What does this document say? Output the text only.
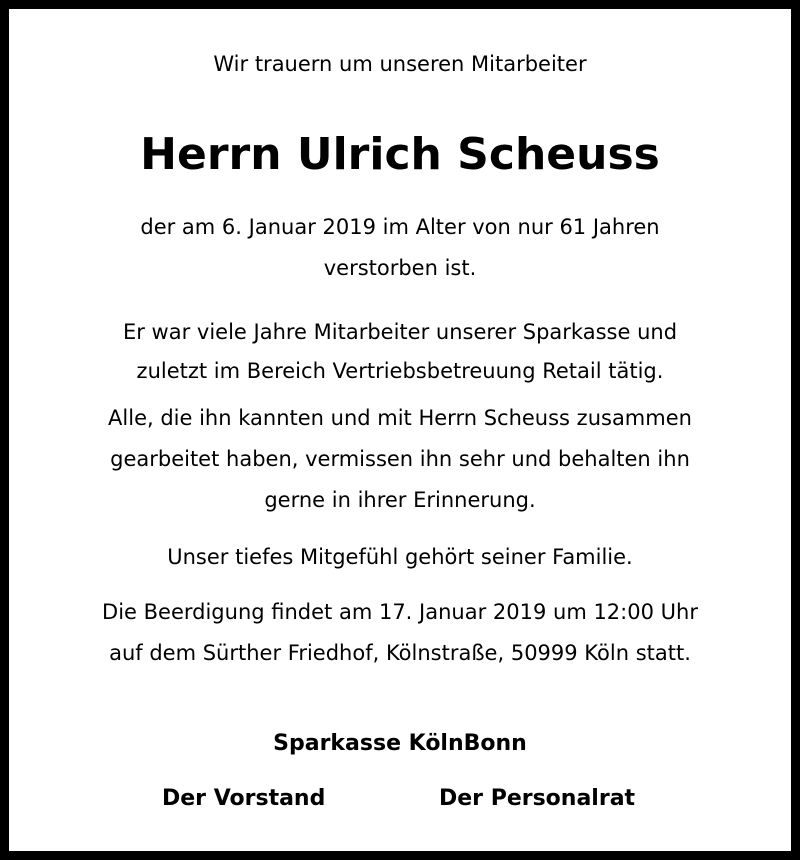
Wir trauern um unseren Mitarbeiter
Herrn Ulrich Scheuss
der am 6. Januar 2019 im Alter von nur 61 Jahren
verstorben ist.
Er war viele Jahre Mitarbeiter unserer Sparkasse und
zuletzt im Bereich Vertriebsbetreuung Retail tätig.
Alle, die ihn kannten und mit Herrn Scheuss zusammen
gearbeitet haben, vermissen ihn sehr und behalten ihn
gerne in ihrer Erinnerung.
Unser tiefes Mitgefühl gehört seiner Familie.
Die Beerdigung findet am 17. Januar 2019 um 12:00 Uhr
auf dem Sürther Friedhof, Kölnstraße, 50999 Köln statt.
Sparkasse KölnBonn
Der Vorstand	Der Personalrat
